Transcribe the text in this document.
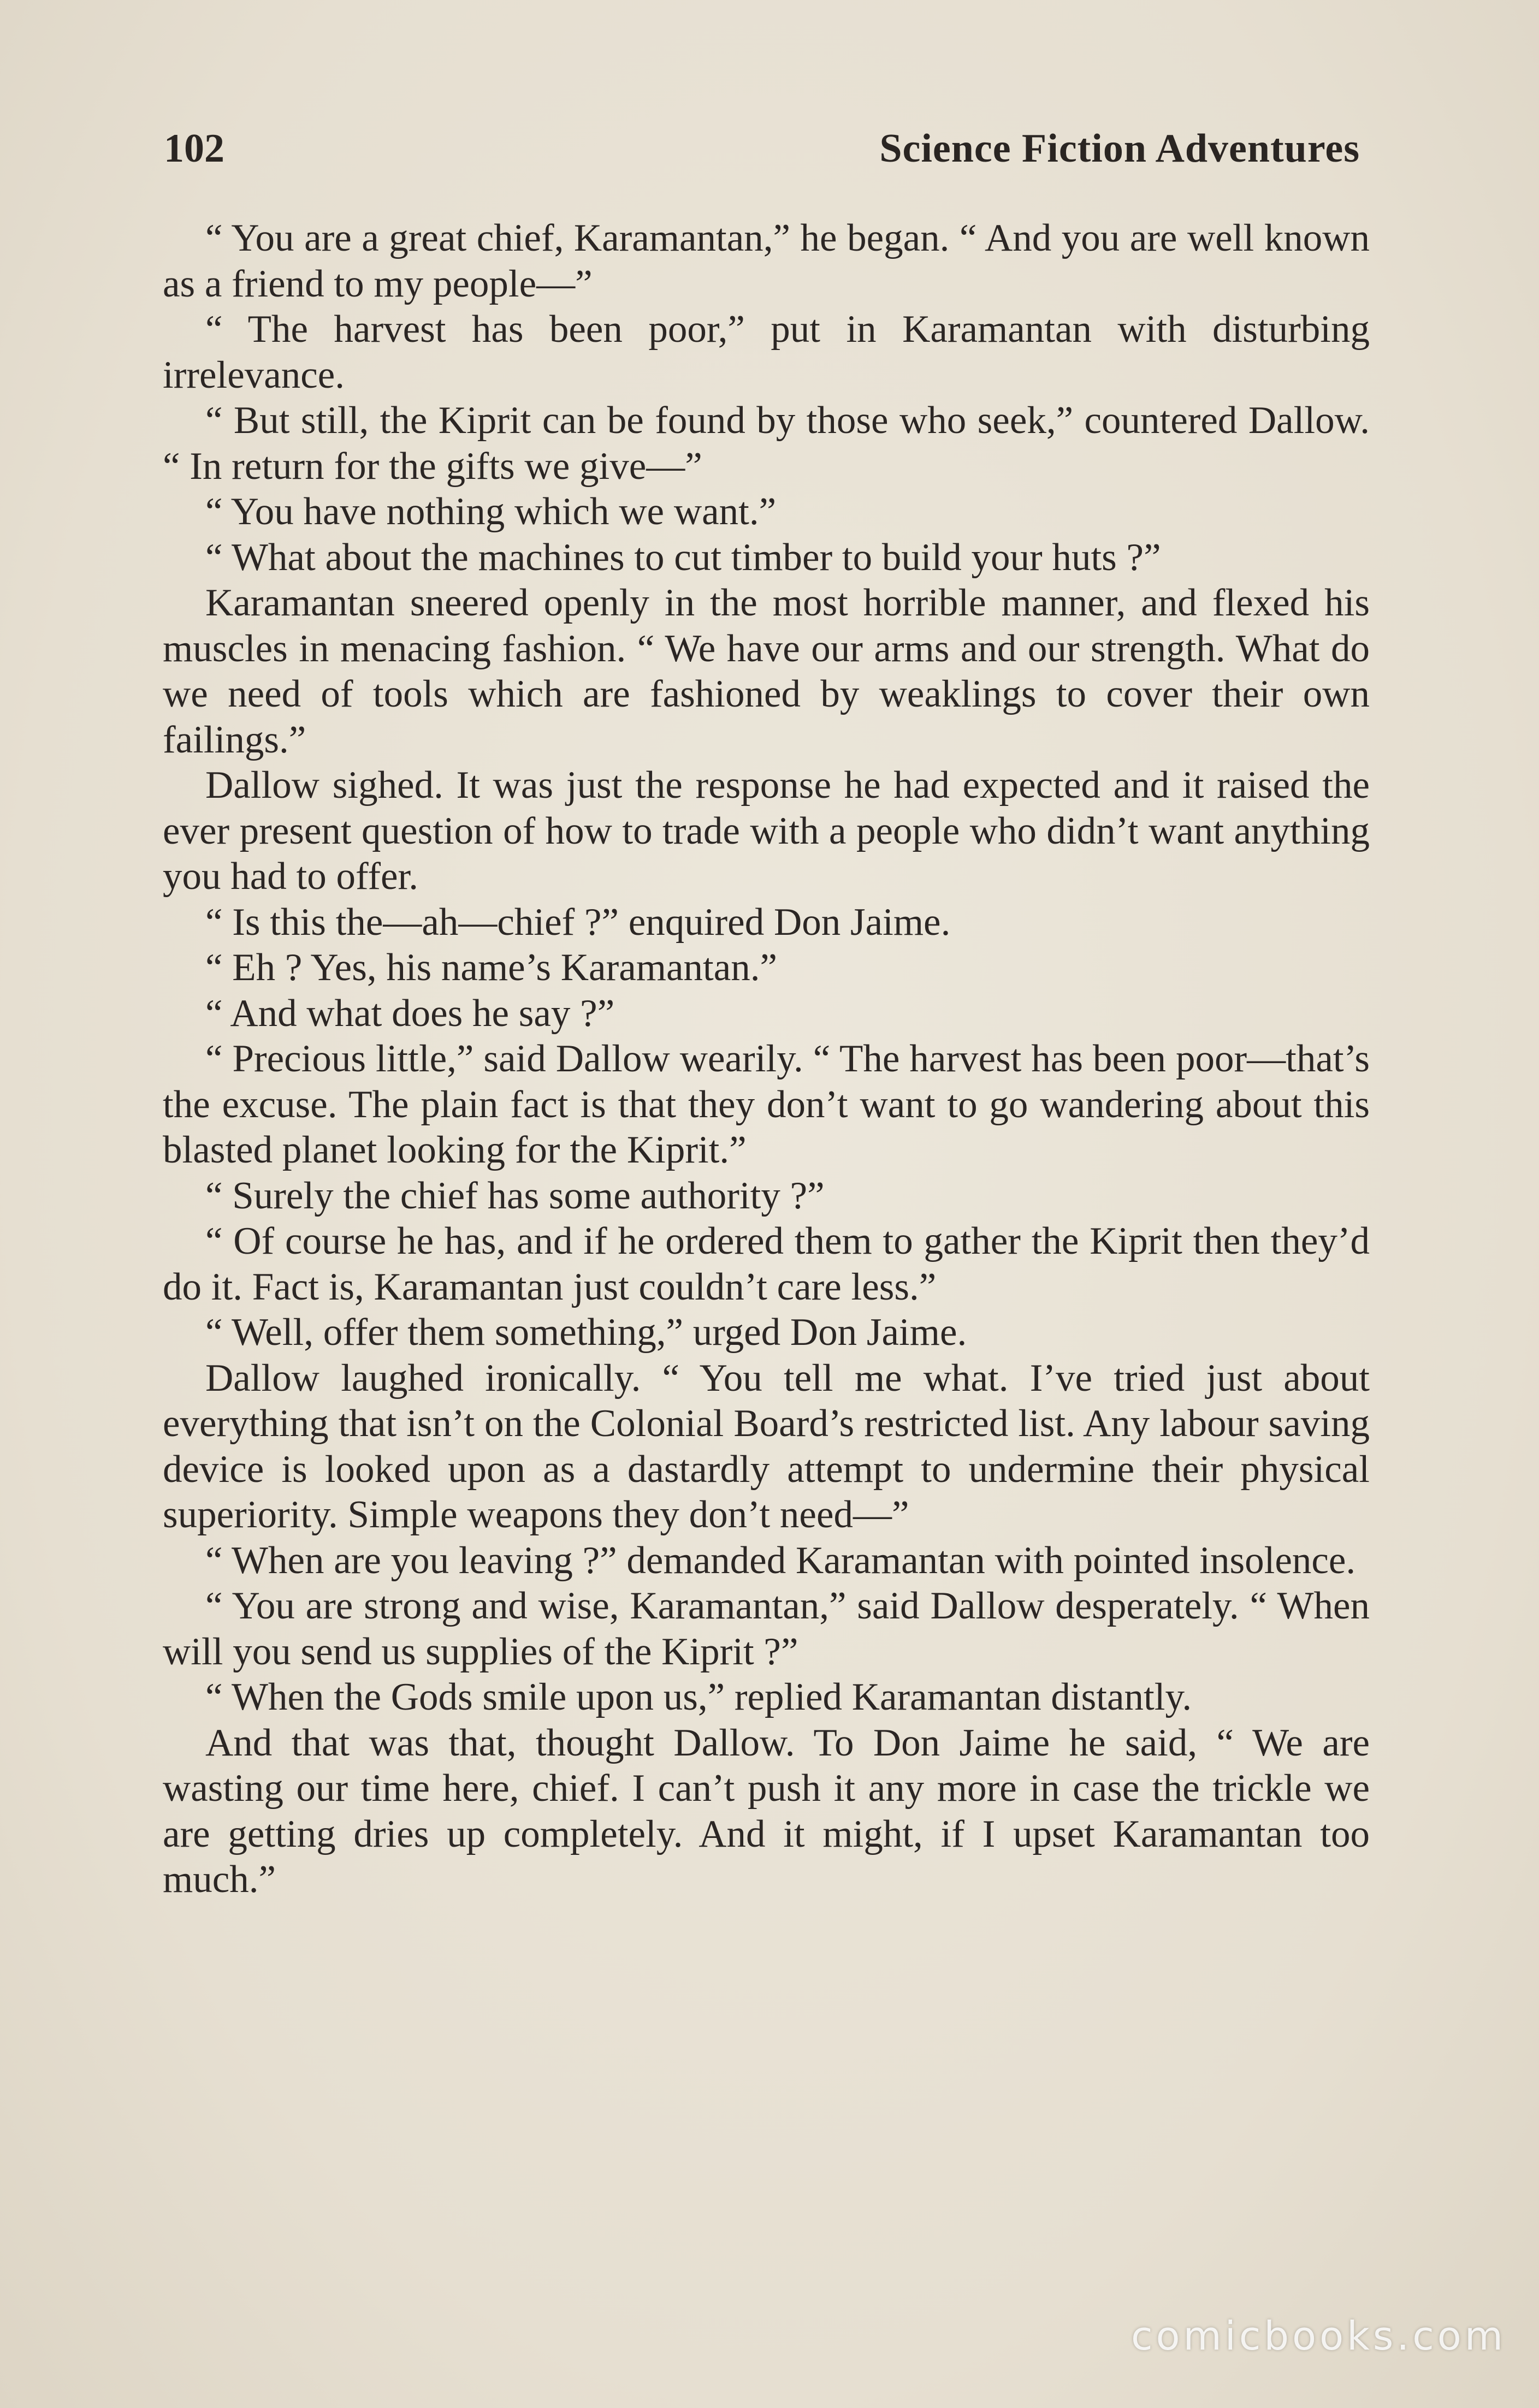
102	Science Fiction Adventures

“ You are a great chief, Karamantan,” he began. “ And you are well known as a friend to my people—”

“ The harvest has been poor,” put in Karamantan with disturbing irrelevance.

“ But still, the Kiprit can be found by those who seek,” countered Dallow. “ In return for the gifts we give—”

“ You have nothing which we want.”

“ What about the machines to cut timber to build your huts ?”

Karamantan sneered openly in the most horrible manner, and flexed his muscles in menacing fashion. “ We have our arms and our strength. What do we need of tools which are fashioned by weaklings to cover their own failings.”

Dallow sighed. It was just the response he had expected and it raised the ever present question of how to trade with a people who didn’t want anything you had to offer.

“ Is this the—ah—chief ?” enquired Don Jaime.

“ Eh ? Yes, his name’s Karamantan.”

“ And what does he say ?”

“ Precious little,” said Dallow wearily. “ The harvest has been poor—that’s the excuse. The plain fact is that they don’t want to go wandering about this blasted planet looking for the Kiprit.”

“ Surely the chief has some authority ?”

“ Of course he has, and if he ordered them to gather the Kiprit then they’d do it. Fact is, Karamantan just couldn’t care less.”

“ Well, offer them something,” urged Don Jaime.

Dallow laughed ironically. “ You tell me what. I’ve tried just about everything that isn’t on the Colonial Board’s restricted list. Any labour saving device is looked upon as a dastardly attempt to undermine their physical superiority. Simple weapons they don’t need—”

“ When are you leaving ?” demanded Karamantan with pointed insolence.

“ You are strong and wise, Karamantan,” said Dallow desperately. “ When will you send us supplies of the Kiprit ?”

“ When the Gods smile upon us,” replied Karamantan distantly.

And that was that, thought Dallow. To Don Jaime he said, “ We are wasting our time here, chief. I can’t push it any more in case the trickle we are getting dries up completely. And it might, if I upset Karamantan too much.”

comicbooks.com
